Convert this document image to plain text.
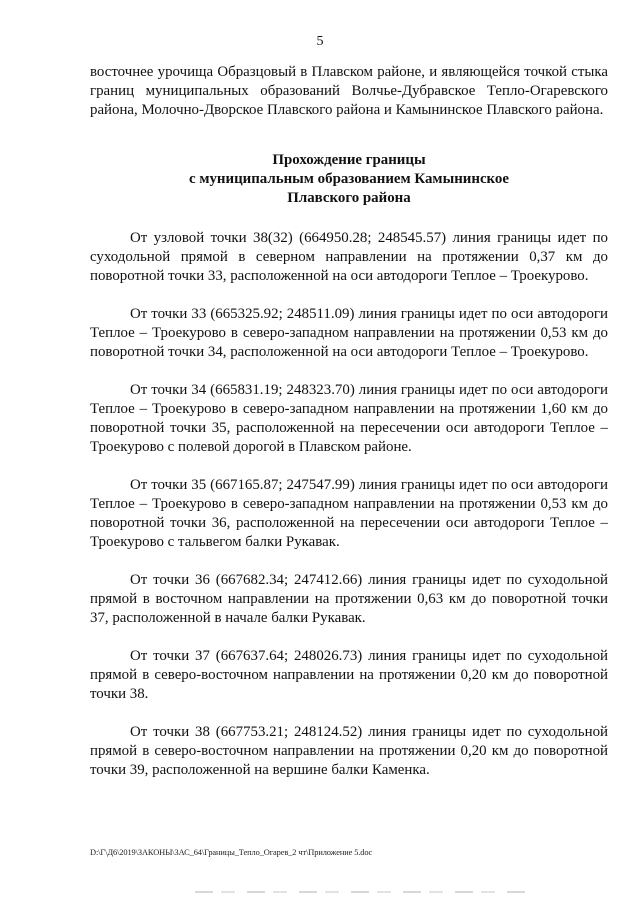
5

восточнее урочища Образцовый в Плавском районе, и являющейся точкой стыка границ муниципальных образований Волчье-Дубравское Тепло-Огаревского района, Молочно-Дворское Плавского района и Камынинское Плавского района.

Прохождение границы
с муниципальным образованием Камынинское
Плавского района

От узловой точки 38(32) (664950.28; 248545.57) линия границы идет по суходольной прямой в северном направлении на протяжении 0,37 км до поворотной точки 33, расположенной на оси автодороги Теплое – Троекурово.

От точки 33 (665325.92; 248511.09) линия границы идет по оси автодороги Теплое – Троекурово в северо-западном направлении на протяжении 0,53 км до поворотной точки 34, расположенной на оси автодороги Теплое – Троекурово.

От точки 34 (665831.19; 248323.70) линия границы идет по оси автодороги Теплое – Троекурово в северо-западном направлении на протяжении 1,60 км до поворотной точки 35, расположенной на пересечении оси автодороги Теплое – Троекурово с полевой дорогой в Плавском районе.

От точки 35 (667165.87; 247547.99) линия границы идет по оси автодороги Теплое – Троекурово в северо-западном направлении на протяжении 0,53 км до поворотной точки 36, расположенной на пересечении оси автодороги Теплое – Троекурово с тальвегом балки Рукавак.

От точки 36 (667682.34; 247412.66) линия границы идет по суходольной прямой в восточном направлении на протяжении 0,63 км до поворотной точки 37, расположенной в начале балки Рукавак.

От точки 37 (667637.64; 248026.73) линия границы идет по суходольной прямой в северо-восточном направлении на протяжении 0,20 км до поворотной точки 38.

От точки 38 (667753.21; 248124.52) линия границы идет по суходольной прямой в северо-восточном направлении на протяжении 0,20 км до поворотной точки 39, расположенной на вершине балки Каменка.

D:\Г\Д6\2019\ЗАКОНЫ\ЗАС_64\Границы_Тепло_Огарев_2 чт\Приложение 5.doc
